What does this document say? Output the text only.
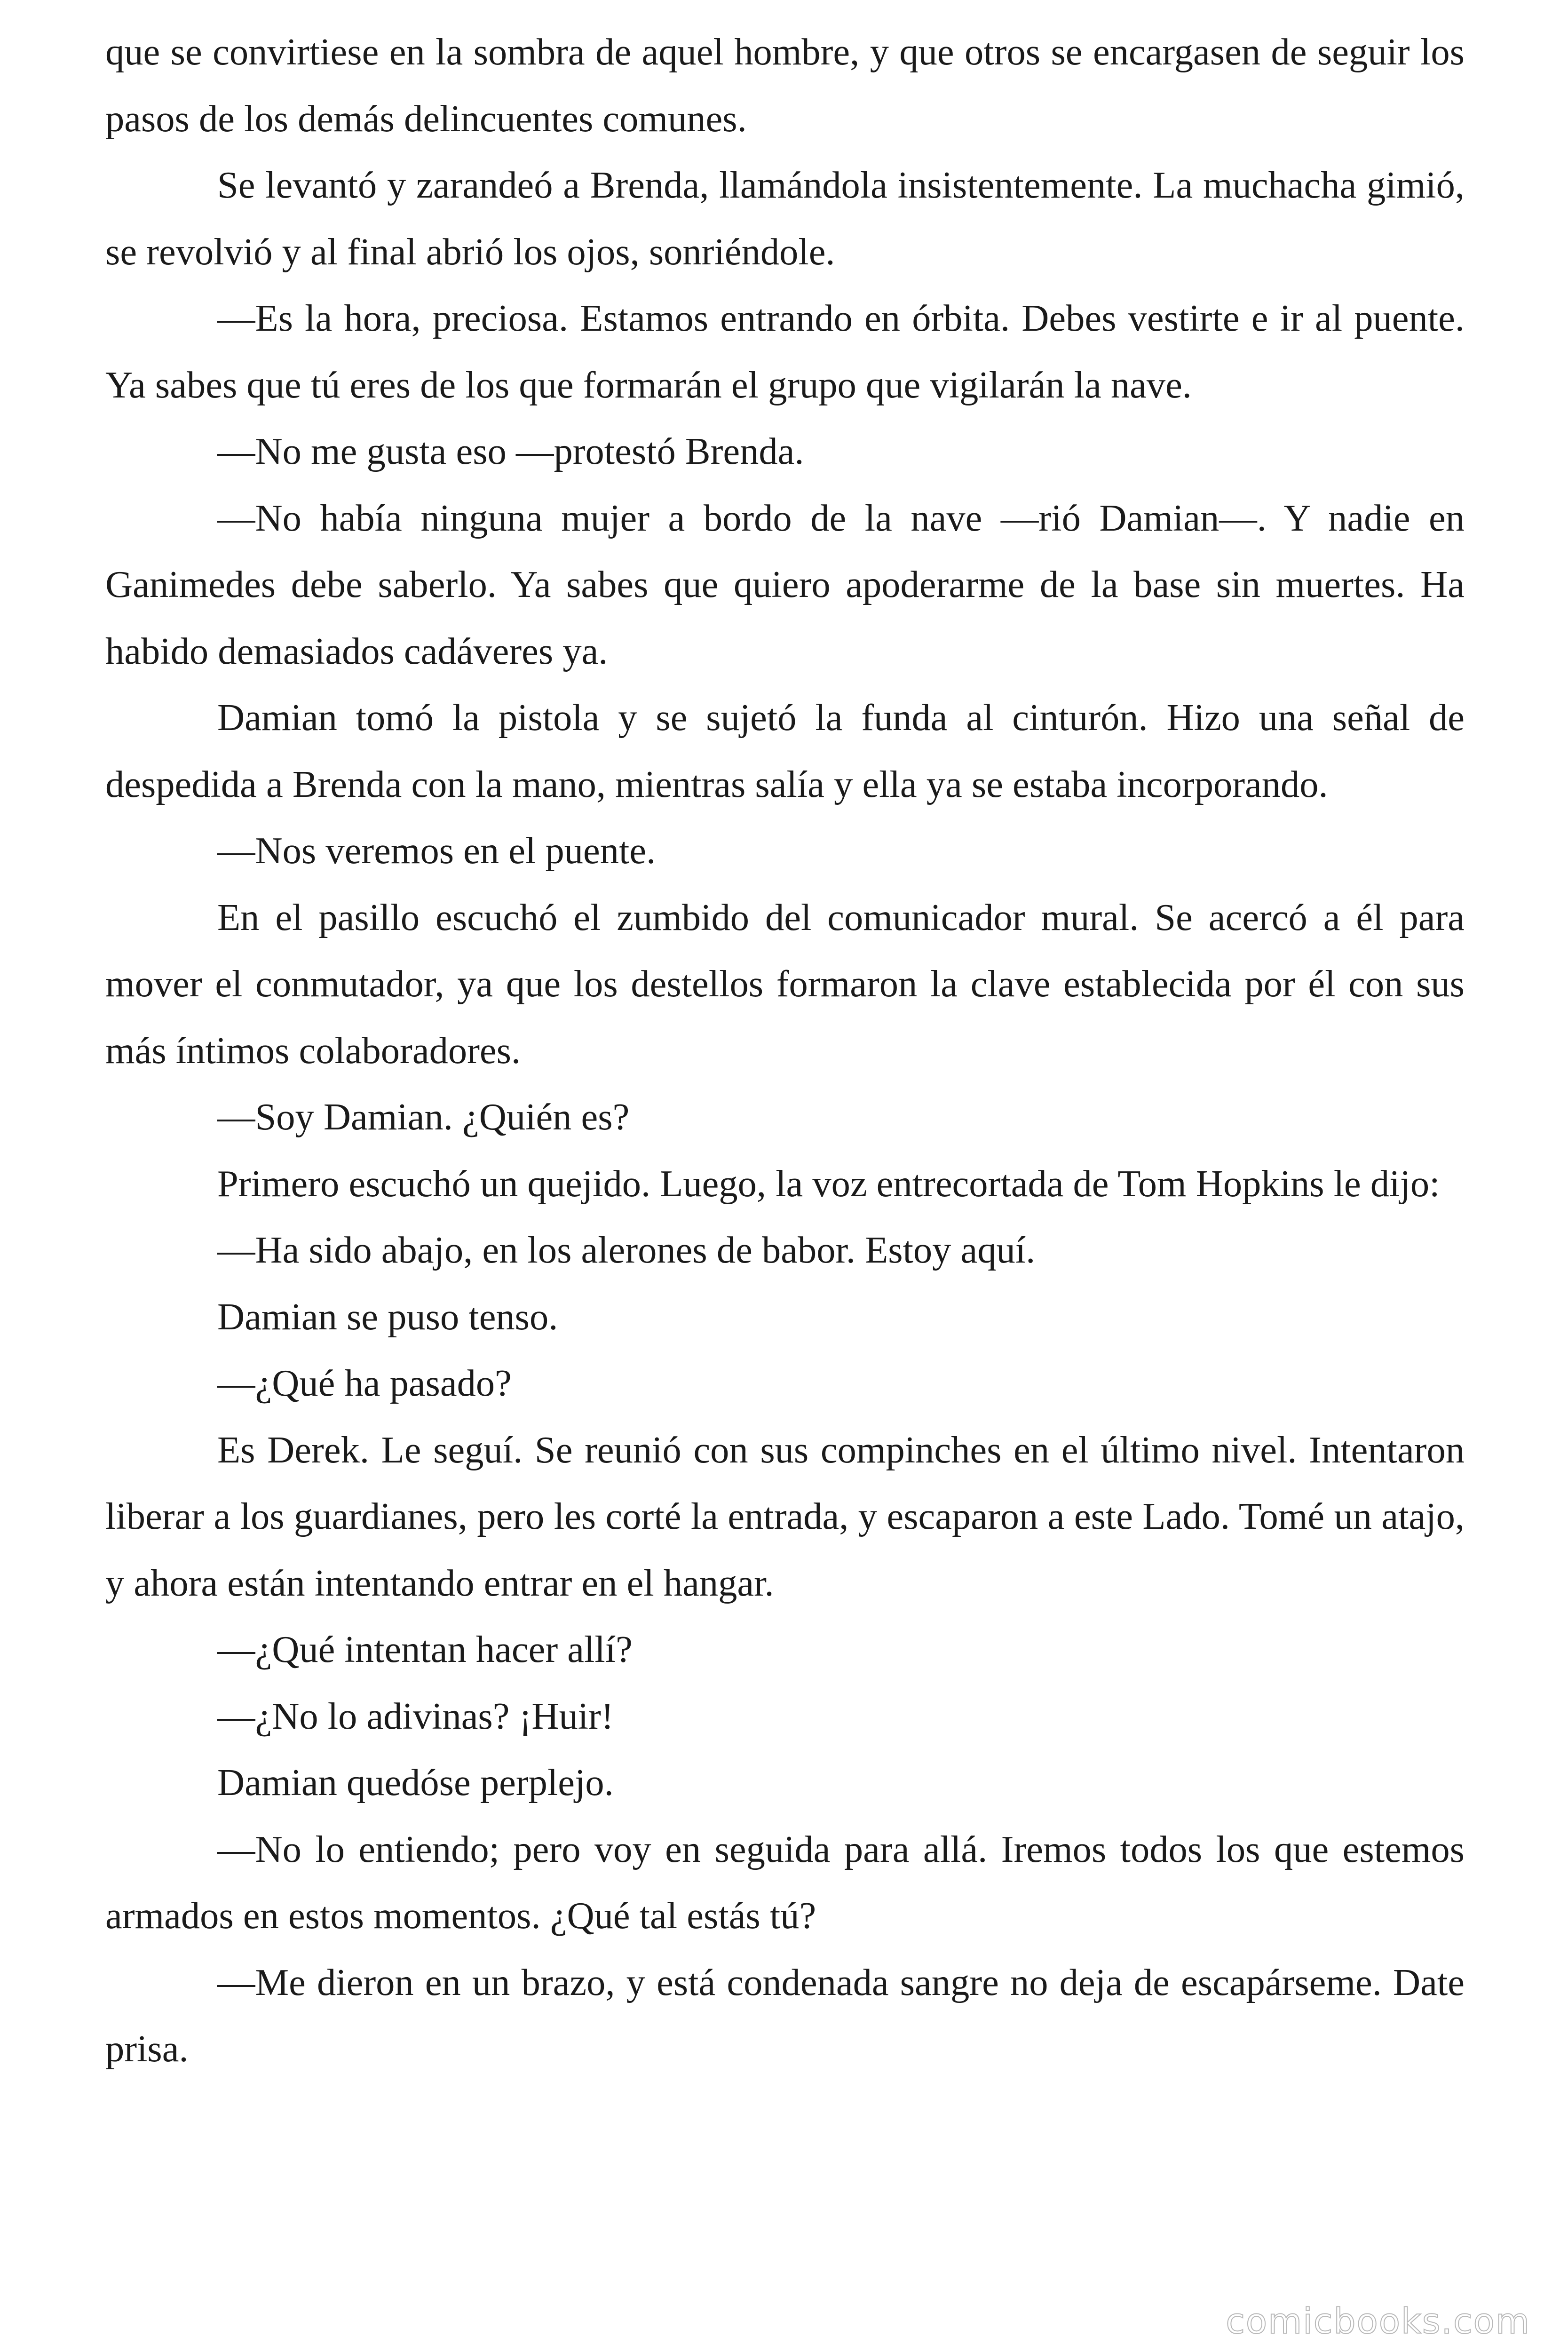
que se convirtiese en la sombra de aquel hombre, y que otros se encargasen de seguir los pasos de los demás delincuentes comunes.

Se levantó y zarandeó a Brenda, llamándola insistentemente. La muchacha gimió, se revolvió y al final abrió los ojos, sonriéndole.

—Es la hora, preciosa. Estamos entrando en órbita. Debes vestirte e ir al puente. Ya sabes que tú eres de los que formarán el grupo que vigilarán la nave.

—No me gusta eso —protestó Brenda.

—No había ninguna mujer a bordo de la nave —rió Damian—. Y nadie en Ganimedes debe saberlo. Ya sabes que quiero apoderarme de la base sin muertes. Ha habido demasiados cadáveres ya.

Damian tomó la pistola y se sujetó la funda al cinturón. Hizo una señal de despedida a Brenda con la mano, mientras salía y ella ya se estaba incorporando.

—Nos veremos en el puente.

En el pasillo escuchó el zumbido del comunicador mural. Se acercó a él para mover el conmutador, ya que los destellos formaron la clave establecida por él con sus más íntimos colaboradores.

—Soy Damian. ¿Quién es?

Primero escuchó un quejido. Luego, la voz entrecortada de Tom Hopkins le dijo:

—Ha sido abajo, en los alerones de babor. Estoy aquí.

Damian se puso tenso.

—¿Qué ha pasado?

Es Derek. Le seguí. Se reunió con sus compinches en el último nivel. Intentaron liberar a los guardianes, pero les corté la entrada, y escaparon a este Lado. Tomé un atajo, y ahora están intentando entrar en el hangar.

—¿Qué intentan hacer allí?

—¿No lo adivinas? ¡Huir!

Damian quedóse perplejo.

—No lo entiendo; pero voy en seguida para allá. Iremos todos los que estemos armados en estos momentos. ¿Qué tal estás tú?

—Me dieron en un brazo, y está condenada sangre no deja de escapárseme. Date prisa.

comicbooks.com
